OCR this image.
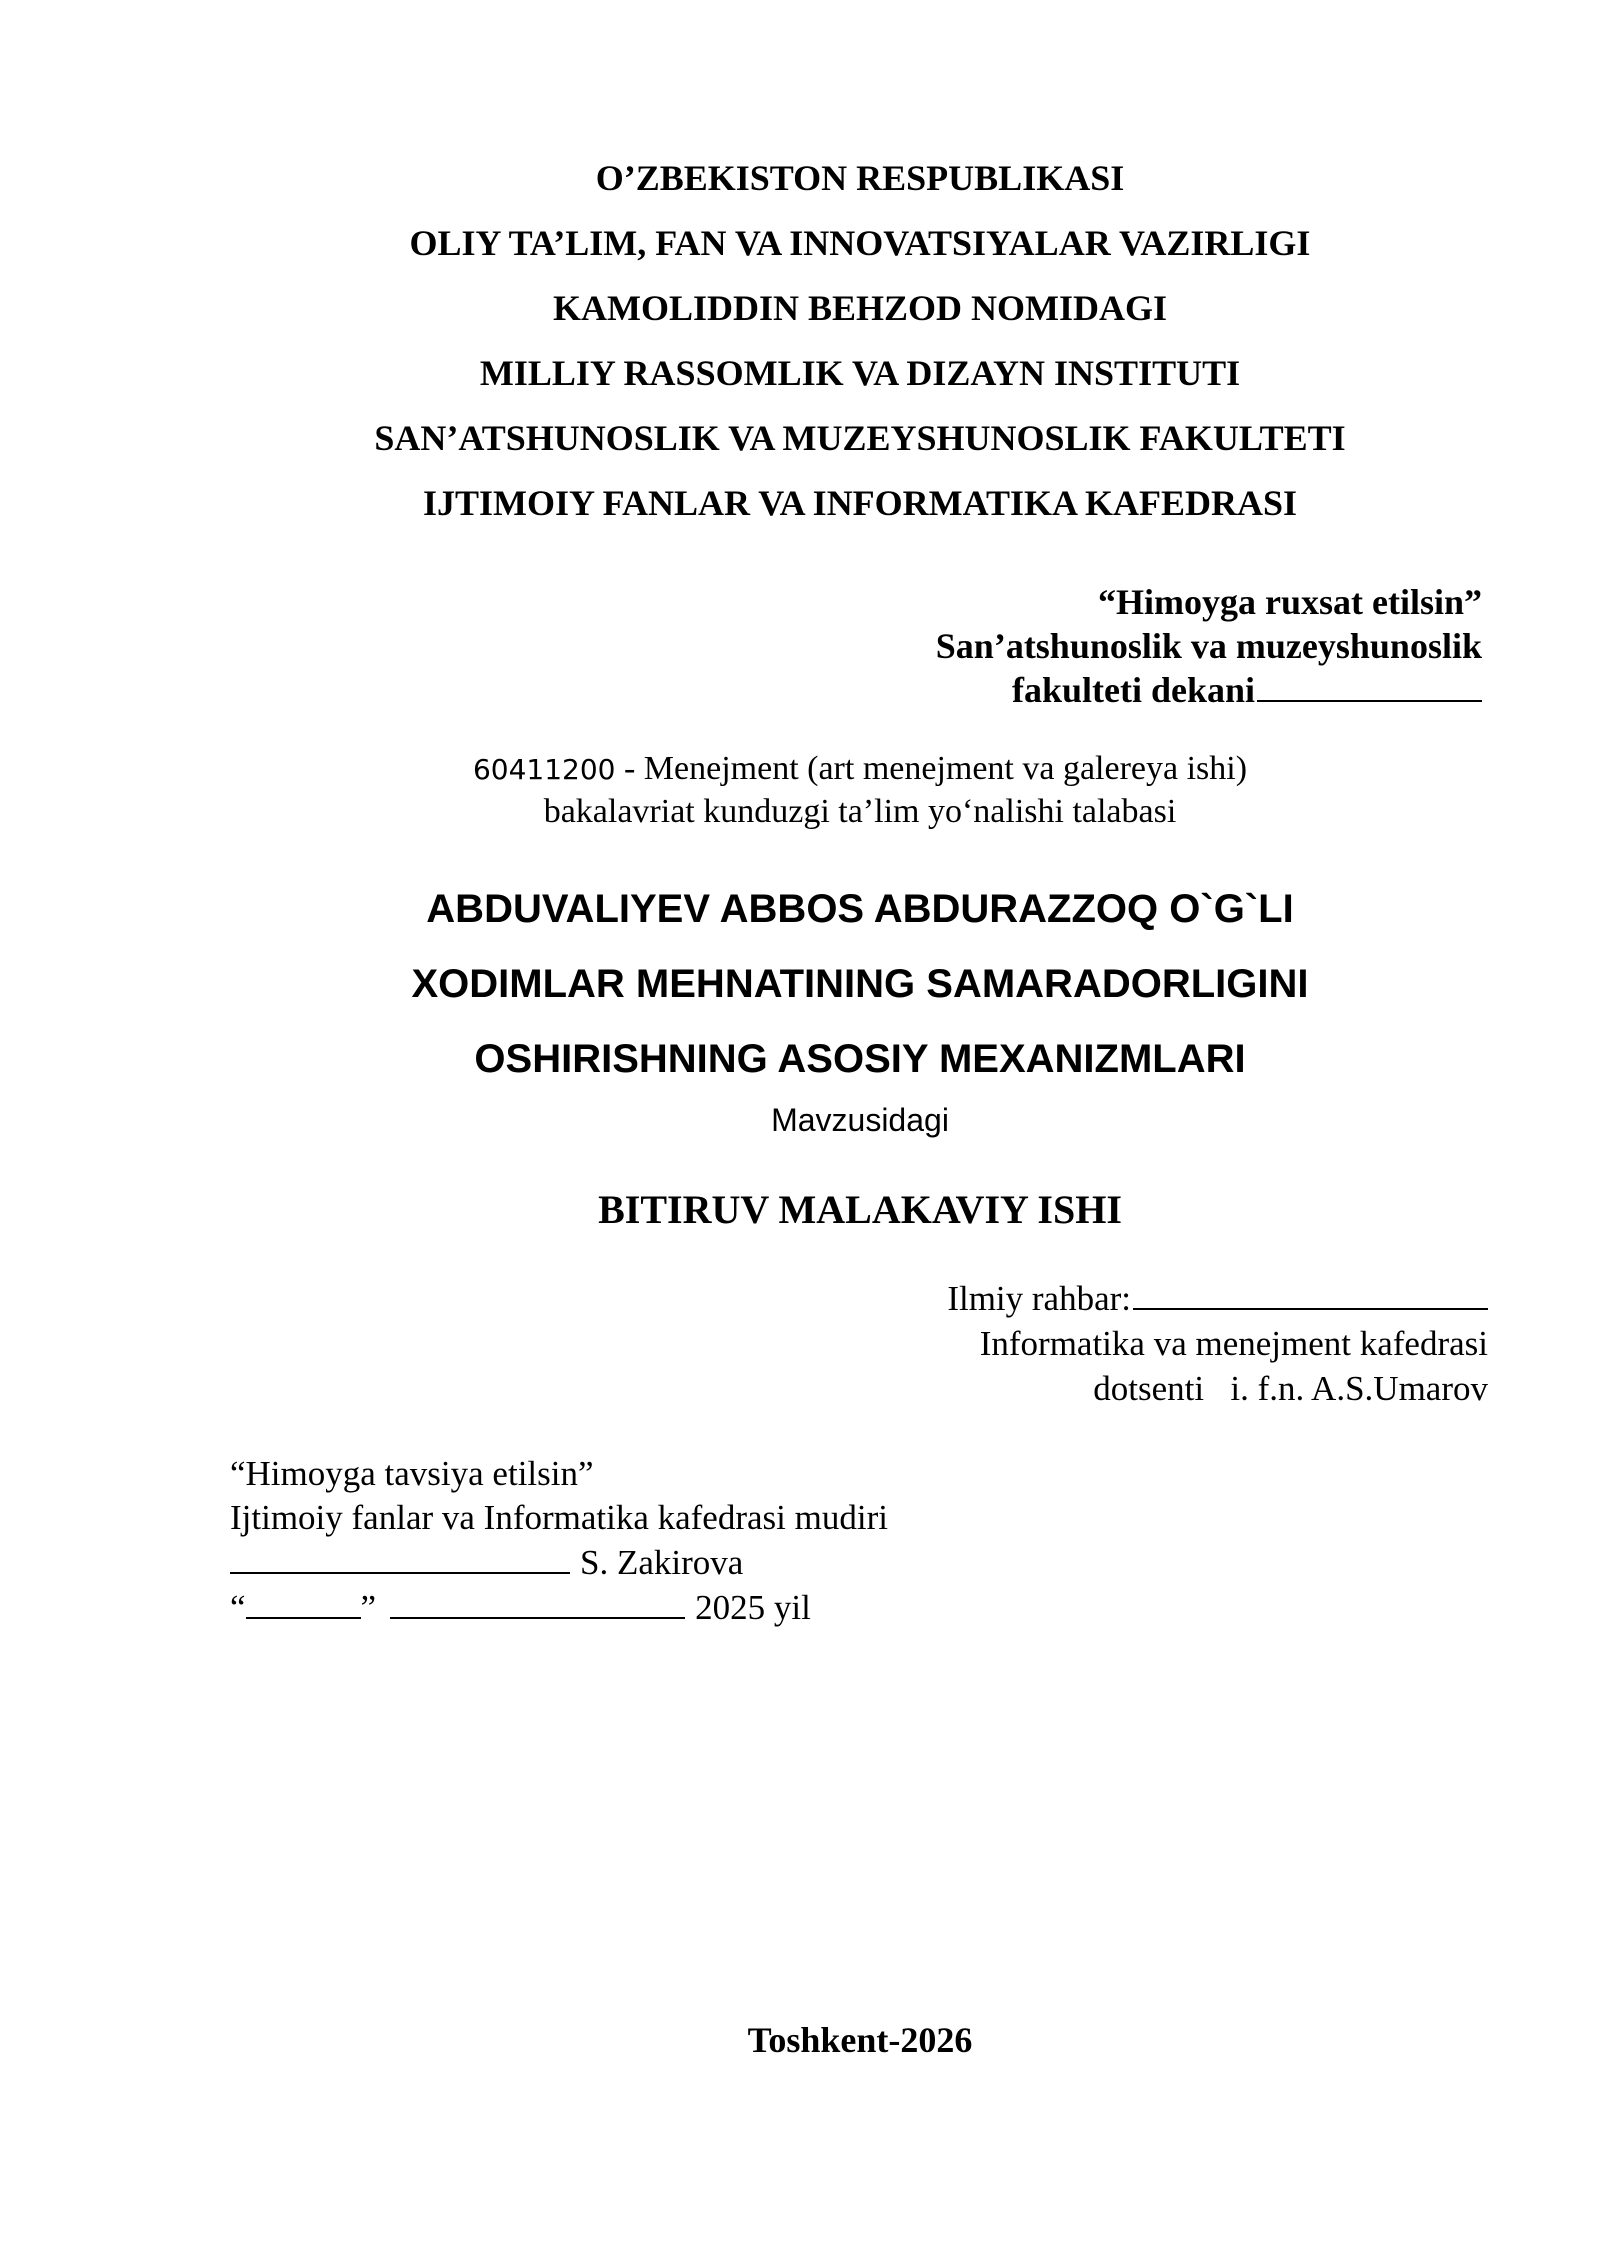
O’ZBEKISTON RESPUBLIKASI
OLIY TA’LIM, FAN VA INNOVATSIYALAR VAZIRLIGI
KAMOLIDDIN BEHZOD NOMIDAGI
MILLIY RASSOMLIK VA DIZAYN INSTITUTI
SAN’ATSHUNOSLIK VA MUZEYSHUNOSLIK FAKULTETI
IJTIMOIY FANLAR VA INFORMATIKA KAFEDRASI
“Himoyga ruxsat etilsin”
San’atshunoslik va muzeyshunoslik
fakulteti dekani
60411200 - Menejment (art menejment va galereya ishi)
bakalavriat kunduzgi ta’lim yo‘nalishi talabasi
ABDUVALIYEV ABBOS ABDURAZZOQ O`G`LI
XODIMLAR MEHNATINING SAMARADORLIGINI
OSHIRISHNING ASOSIY MEXANIZMLARI
Mavzusidagi
BITIRUV MALAKAVIY ISHI
Ilmiy rahbar:
Informatika va menejment kafedrasi
dotsenti   i. f.n. A.S.Umarov
“Himoyga tavsiya etilsin”
Ijtimoiy fanlar va Informatika kafedrasi mudiri
S. Zakirova
“	”	2025 yil
Toshkent-2026
